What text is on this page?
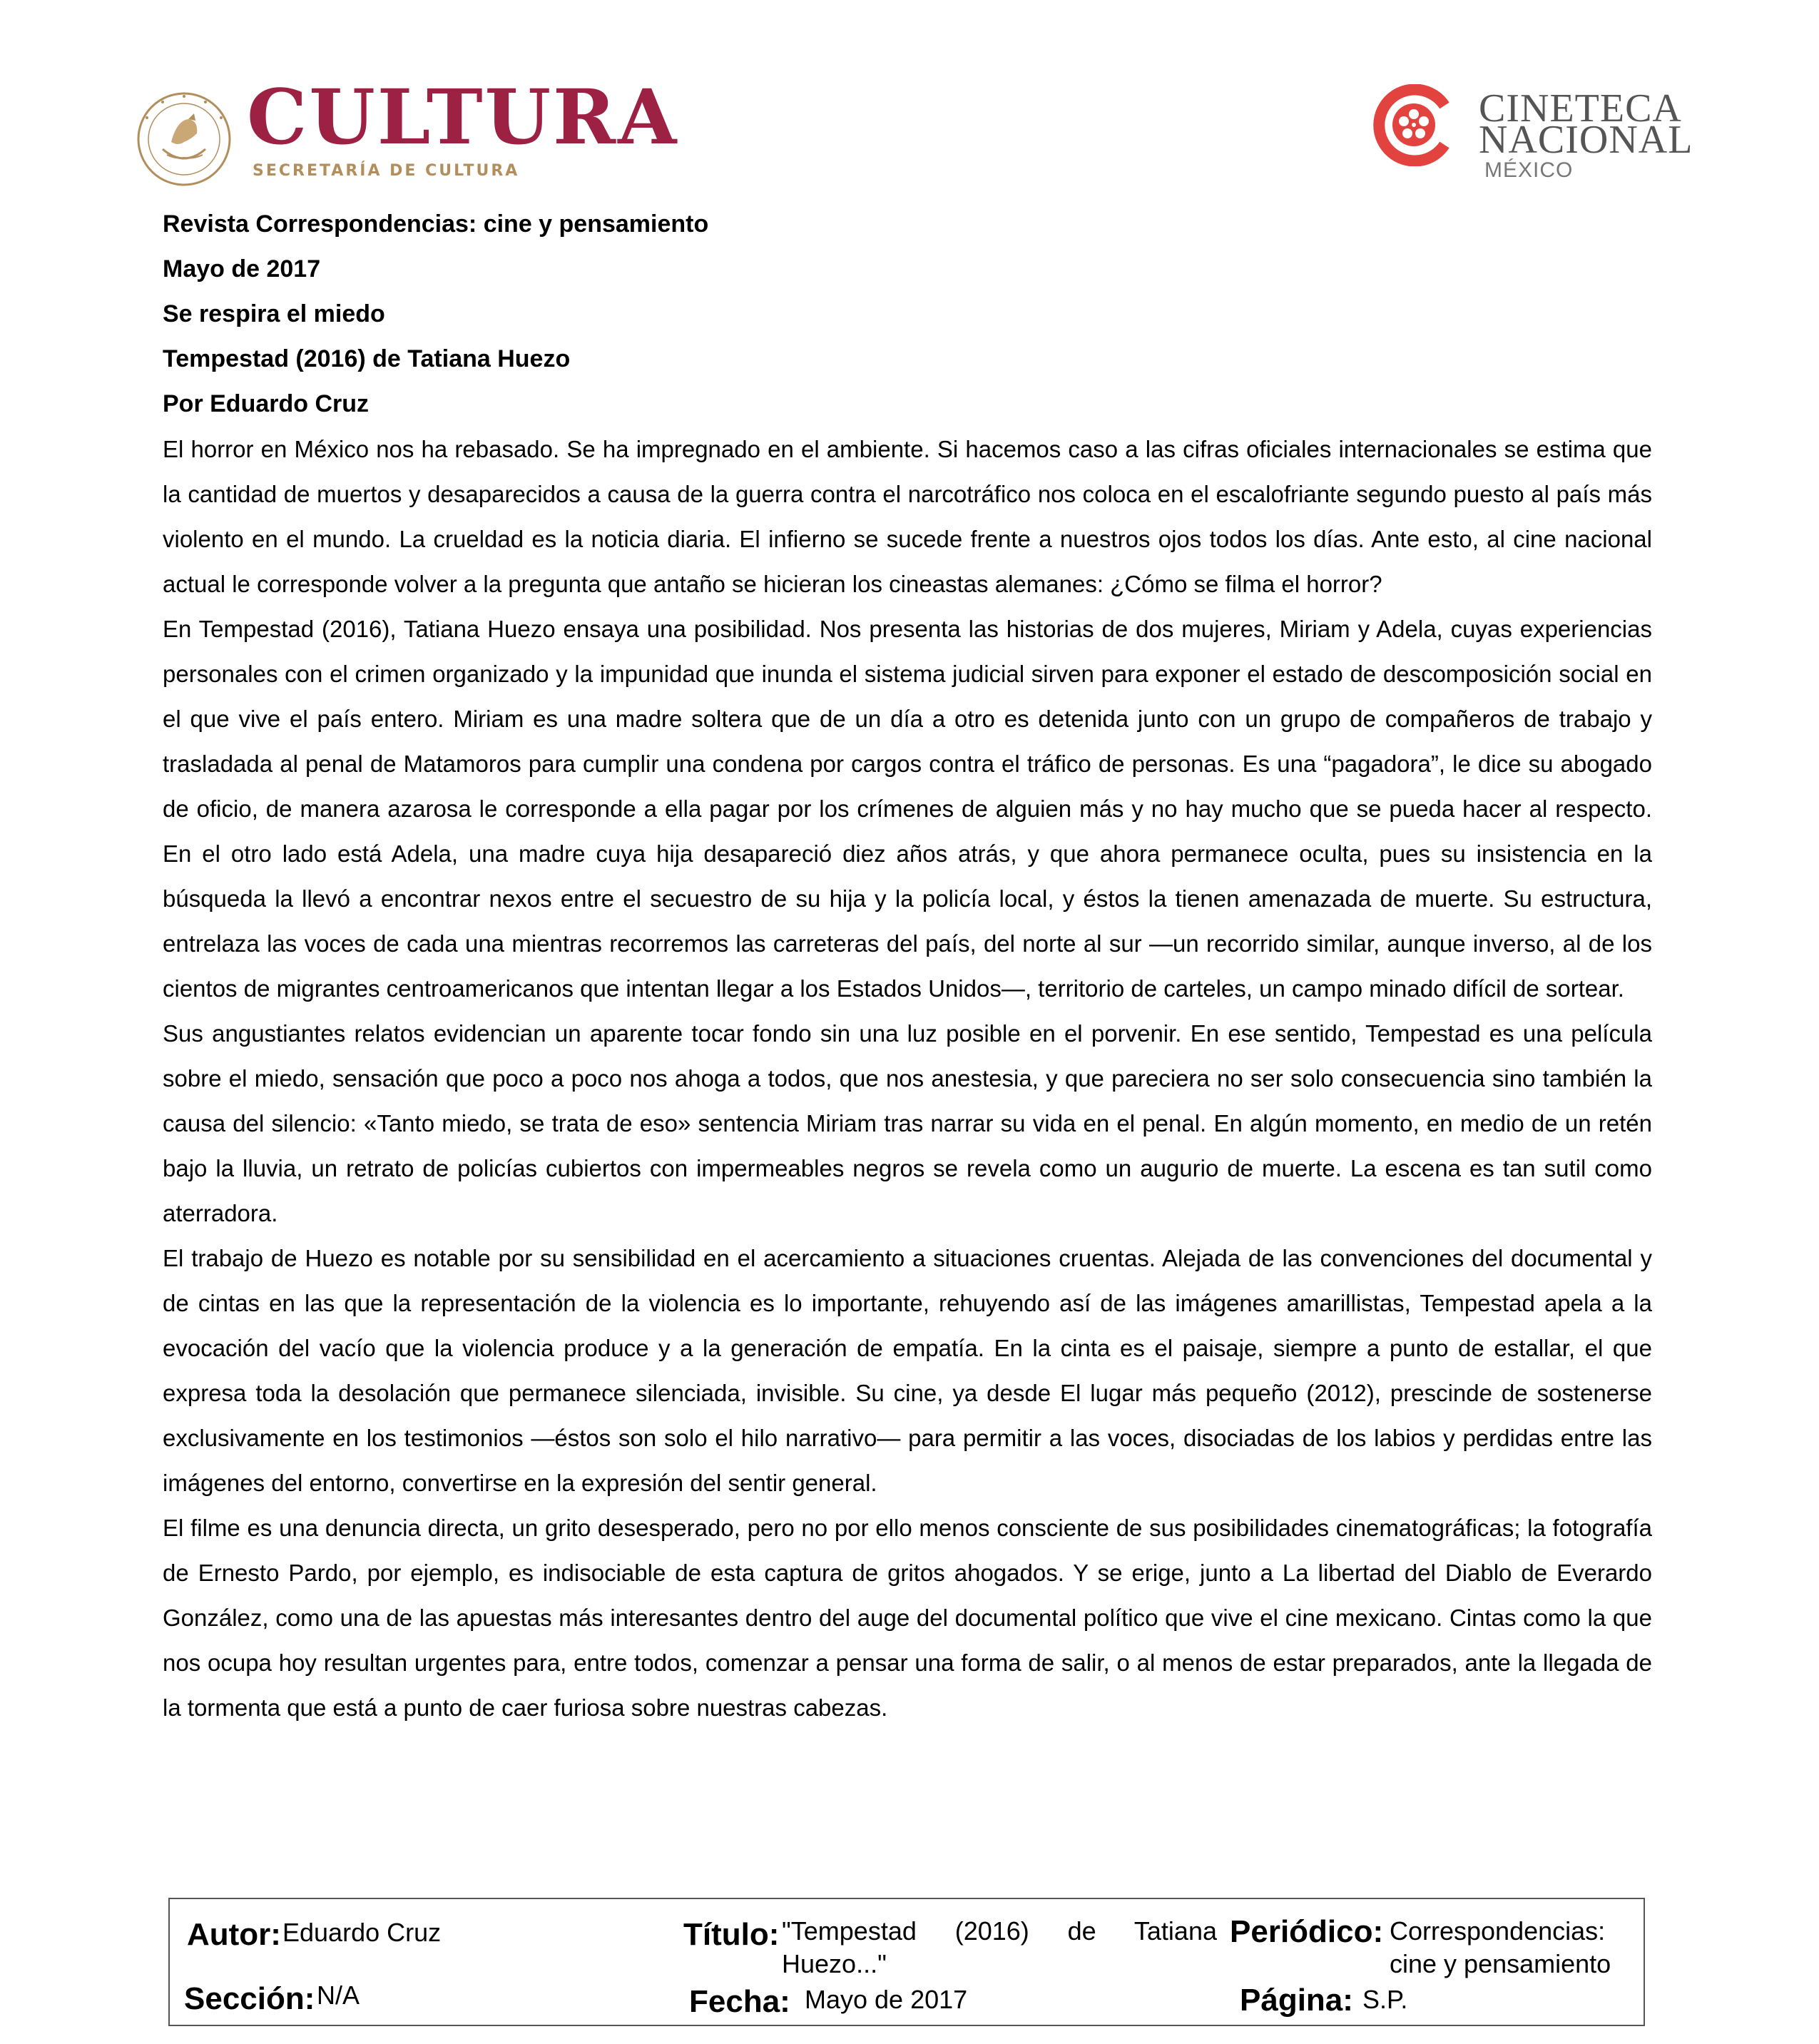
CULTURA
SECRETARÍA DE CULTURA
CINETECA
NACIONAL
MÉXICO
Revista Correspondencias: cine y pensamiento
Mayo de 2017
Se respira el miedo
Tempestad (2016) de Tatiana Huezo
Por Eduardo Cruz

El horror en México nos ha rebasado. Se ha impregnado en el ambiente. Si hacemos caso a las cifras oficiales internacionales se estima que la cantidad de muertos y desaparecidos a causa de la guerra contra el narcotráfico nos coloca en el escalofriante segundo puesto al país más violento en el mundo. La crueldad es la noticia diaria. El infierno se sucede frente a nuestros ojos todos los días. Ante esto, al cine nacional actual le corresponde volver a la pregunta que antaño se hicieran los cineastas alemanes: ¿Cómo se filma el horror?

En Tempestad (2016), Tatiana Huezo ensaya una posibilidad. Nos presenta las historias de dos mujeres, Miriam y Adela, cuyas experiencias personales con el crimen organizado y la impunidad que inunda el sistema judicial sirven para exponer el estado de descomposición social en el que vive el país entero. Miriam es una madre soltera que de un día a otro es detenida junto con un grupo de compañeros de trabajo y trasladada al penal de Matamoros para cumplir una condena por cargos contra el tráfico de personas. Es una “pagadora”, le dice su abogado de oficio, de manera azarosa le corresponde a ella pagar por los crímenes de alguien más y no hay mucho que se pueda hacer al respecto. En el otro lado está Adela, una madre cuya hija desapareció diez años atrás, y que ahora permanece oculta, pues su insistencia en la búsqueda la llevó a encontrar nexos entre el secuestro de su hija y la policía local, y éstos la tienen amenazada de muerte. Su estructura, entrelaza las voces de cada una mientras recorremos las carreteras del país, del norte al sur —un recorrido similar, aunque inverso, al de los cientos de migrantes centroamericanos que intentan llegar a los Estados Unidos—, territorio de carteles, un campo minado difícil de sortear.

Sus angustiantes relatos evidencian un aparente tocar fondo sin una luz posible en el porvenir. En ese sentido, Tempestad es una película sobre el miedo, sensación que poco a poco nos ahoga a todos, que nos anestesia, y que pareciera no ser solo consecuencia sino también la causa del silencio: «Tanto miedo, se trata de eso» sentencia Miriam tras narrar su vida en el penal. En algún momento, en medio de un retén bajo la lluvia, un retrato de policías cubiertos con impermeables negros se revela como un augurio de muerte. La escena es tan sutil como aterradora.

El trabajo de Huezo es notable por su sensibilidad en el acercamiento a situaciones cruentas. Alejada de las convenciones del documental y de cintas en las que la representación de la violencia es lo importante, rehuyendo así de las imágenes amarillistas, Tempestad apela a la evocación del vacío que la violencia produce y a la generación de empatía. En la cinta es el paisaje, siempre a punto de estallar, el que expresa toda la desolación que permanece silenciada, invisible. Su cine, ya desde El lugar más pequeño (2012), prescinde de sostenerse exclusivamente en los testimonios —éstos son solo el hilo narrativo— para permitir a las voces, disociadas de los labios y perdidas entre las imágenes del entorno, convertirse en la expresión del sentir general.

El filme es una denuncia directa, un grito desesperado, pero no por ello menos consciente de sus posibilidades cinematográficas; la fotografía de Ernesto Pardo, por ejemplo, es indisociable de esta captura de gritos ahogados. Y se erige, junto a La libertad del Diablo de Everardo González, como una de las apuestas más interesantes dentro del auge del documental político que vive el cine mexicano. Cintas como la que nos ocupa hoy resultan urgentes para, entre todos, comenzar a pensar una forma de salir, o al menos de estar preparados, ante la llegada de la tormenta que está a punto de caer furiosa sobre nuestras cabezas.

Autor: Eduardo Cruz	Título: "Tempestad (2016) de Tatiana Huezo..."
Periódico: Correspondencias: cine y pensamiento
Sección: N/A	Fecha: Mayo de 2017	Página: S.P.
